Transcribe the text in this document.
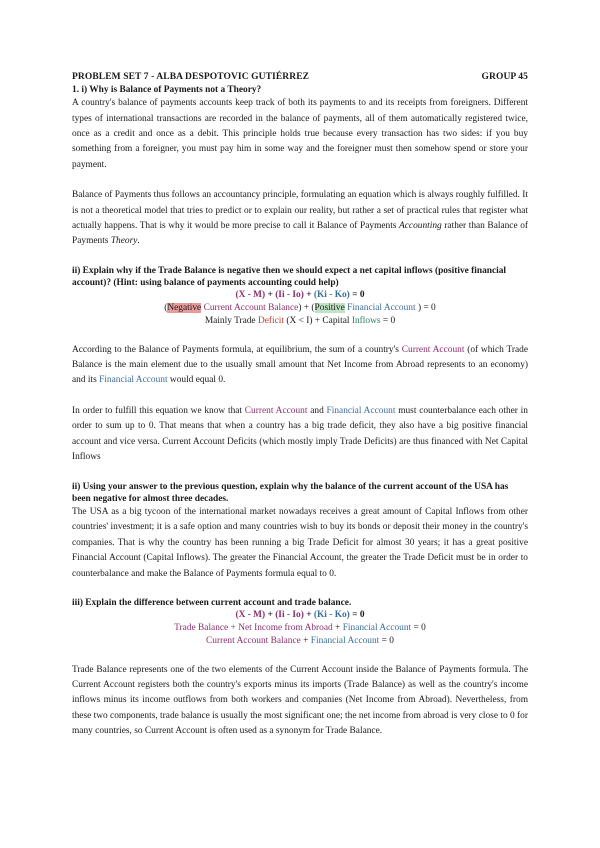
PROBLEM SET 7 - ALBA DESPOTOVIC GUTIÉRREZ	GROUP 45
1. i) Why is Balance of Payments not a Theory?

A country's balance of payments accounts keep track of both its payments to and its receipts from foreigners. Different types of international transactions are recorded in the balance of payments, all of them automatically registered twice, once as a credit and once as a debit. This principle holds true because every transaction has two sides: if you buy something from a foreigner, you must pay him in some way and the foreigner must then somehow spend or store your payment.

Balance of Payments thus follows an accountancy principle, formulating an equation which is always roughly fulfilled. It is not a theoretical model that tries to predict or to explain our reality, but rather a set of practical rules that register what actually happens. That is why it would be more precise to call it Balance of Payments Accounting rather than Balance of Payments Theory.

ii) Explain why if the Trade Balance is negative then we should expect a net capital inflows (positive financial account)? (Hint: using balance of payments accounting could help)
(X - M) + (Ii - Io) + (Ki - Ko) = 0
(Negative Current Account Balance) + (Positive Financial Account ) = 0
Mainly Trade Deficit (X < I) + Capital Inflows = 0

According to the Balance of Payments formula, at equilibrium, the sum of a country's Current Account (of which Trade Balance is the main element due to the usually small amount that Net Income from Abroad represents to an economy) and its Financial Account would equal 0.

In order to fulfill this equation we know that Current Account and Financial Account must counterbalance each other in order to sum up to 0. That means that when a country has a big trade deficit, they also have a big positive financial account and vice versa. Current Account Deficits (which mostly imply Trade Deficits) are thus financed with Net Capital Inflows

ii) Using your answer to the previous question, explain why the balance of the current account of the USA has been negative for almost three decades.

The USA as a big tycoon of the international market nowadays receives a great amount of Capital Inflows from other countries' investment; it is a safe option and many countries wish to buy its bonds or deposit their money in the country's companies. That is why the country has been running a big Trade Deficit for almost 30 years; it has a great positive Financial Account (Capital Inflows). The greater the Financial Account, the greater the Trade Deficit must be in order to counterbalance and make the Balance of Payments formula equal to 0.

iii) Explain the difference between current account and trade balance.
(X - M) + (Ii - Io) + (Ki - Ko) = 0
Trade Balance + Net Income from Abroad + Financial Account = 0
Current Account Balance + Financial Account = 0

Trade Balance represents one of the two elements of the Current Account inside the Balance of Payments formula. The Current Account registers both the country's exports minus its imports (Trade Balance) as well as the country's income inflows minus its income outflows from both workers and companies (Net Income from Abroad). Nevertheless, from these two components, trade balance is usually the most significant one; the net income from abroad is very close to 0 for many countries, so Current Account is often used as a synonym for Trade Balance.
